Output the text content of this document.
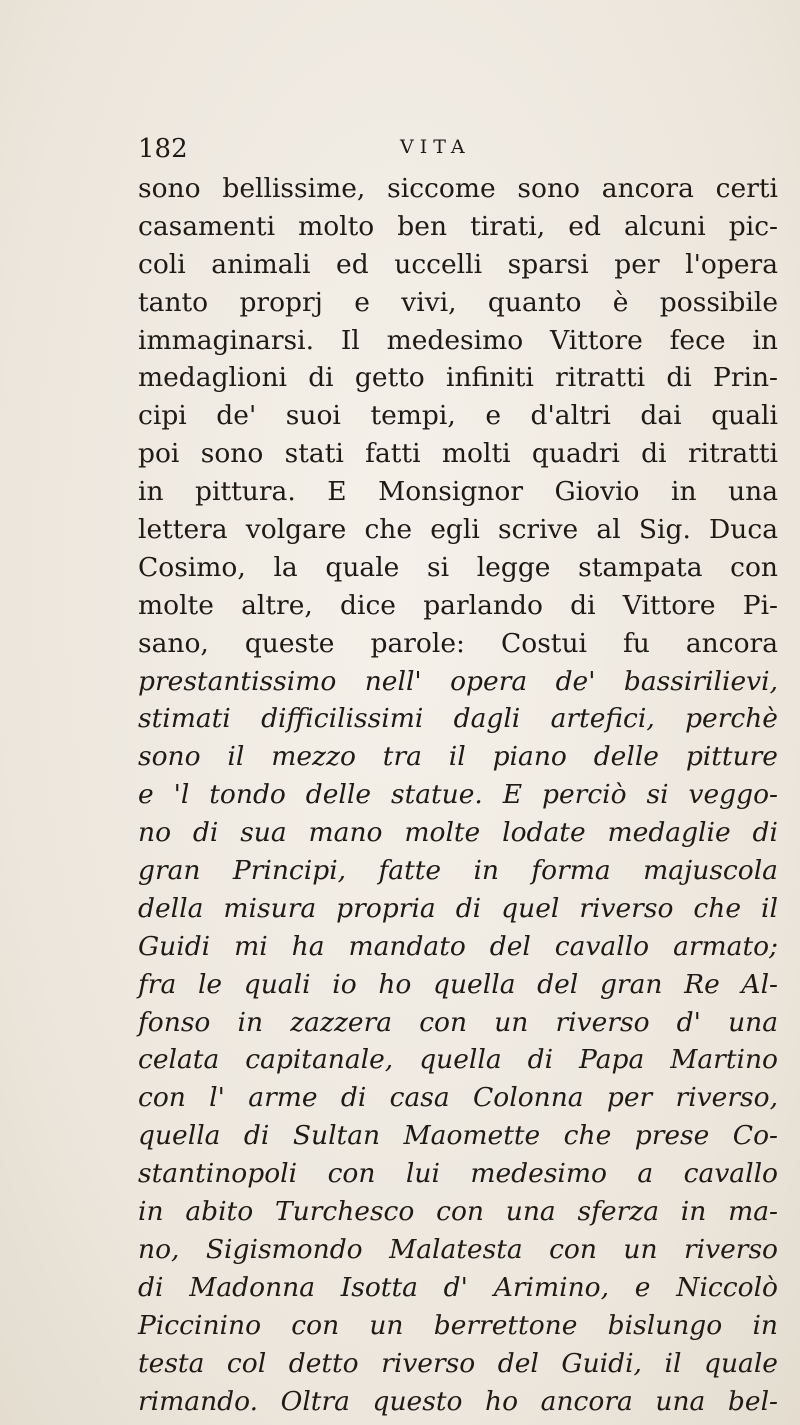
182	VITA
sono bellissime, siccome sono ancora certi
casamenti molto ben tirati, ed alcuni pic-
coli animali ed uccelli sparsi per l'opera
tanto proprj e vivi, quanto è possibile
immaginarsi. Il medesimo Vittore fece in
medaglioni di getto infiniti ritratti di Prin-
cipi de' suoi tempi, e d'altri dai quali
poi sono stati fatti molti quadri di ritratti
in pittura. E Monsignor Giovio in una
lettera volgare che egli scrive al Sig. Duca
Cosimo, la quale si legge stampata con
molte altre, dice parlando di Vittore Pi-
sano, queste parole: Costui fu ancora
prestantissimo nell' opera de' bassirilievi,
stimati difficilissimi dagli artefici, perchè
sono il mezzo tra il piano delle pitture
e 'l tondo delle statue. E perciò si veggo-
no di sua mano molte lodate medaglie di
gran Principi, fatte in forma majuscola
della misura propria di quel riverso che il
Guidi mi ha mandato del cavallo armato;
fra le quali io ho quella del gran Re Al-
fonso in zazzera con un riverso d' una
celata capitanale, quella di Papa Martino
con l' arme di casa Colonna per riverso,
quella di Sultan Maomette che prese Co-
stantinopoli con lui medesimo a cavallo
in abito Turchesco con una sferza in ma-
no, Sigismondo Malatesta con un riverso
di Madonna Isotta d' Arimino, e Niccolò
Piccinino con un berrettone bislungo in
testa col detto riverso del Guidi, il quale
rimando. Oltra questo ho ancora una bel-
